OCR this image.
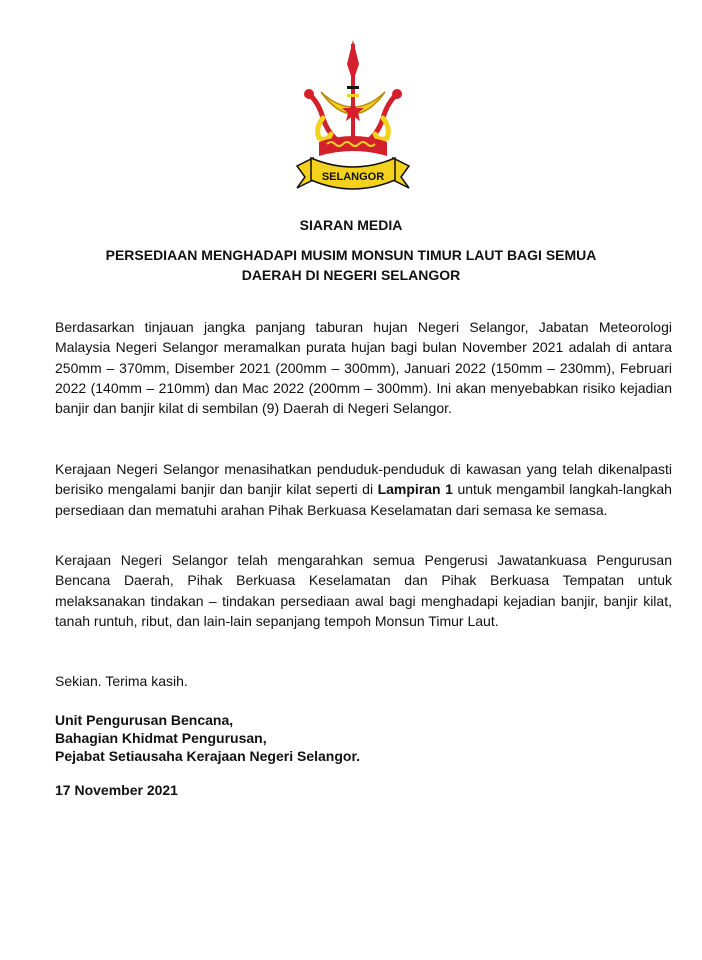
SELANGOR

SIARAN MEDIA

PERSEDIAAN MENGHADAPI MUSIM MONSUN TIMUR LAUT BAGI SEMUA

DAERAH DI NEGERI SELANGOR

Berdasarkan tinjauan jangka panjang taburan hujan Negeri Selangor, Jabatan Meteorologi Malaysia Negeri Selangor meramalkan purata hujan bagi bulan November 2021 adalah di antara 250mm – 370mm, Disember 2021 (200mm – 300mm), Januari 2022 (150mm – 230mm), Februari 2022 (140mm – 210mm) dan Mac 2022 (200mm – 300mm). Ini akan menyebabkan risiko kejadian banjir dan banjir kilat di sembilan (9) Daerah di Negeri Selangor.

Kerajaan Negeri Selangor menasihatkan penduduk-penduduk di kawasan yang telah dikenalpasti berisiko mengalami banjir dan banjir kilat seperti di Lampiran 1 untuk mengambil langkah-langkah persediaan dan mematuhi arahan Pihak Berkuasa Keselamatan dari semasa ke semasa.

Kerajaan Negeri Selangor telah mengarahkan semua Pengerusi Jawatankuasa Pengurusan Bencana Daerah, Pihak Berkuasa Keselamatan dan Pihak Berkuasa Tempatan untuk melaksanakan tindakan – tindakan persediaan awal bagi menghadapi kejadian banjir, banjir kilat, tanah runtuh, ribut, dan lain-lain sepanjang tempoh Monsun Timur Laut.

Sekian. Terima kasih.

Unit Pengurusan Bencana,

Bahagian Khidmat Pengurusan,

Pejabat Setiausaha Kerajaan Negeri Selangor.

17 November 2021
